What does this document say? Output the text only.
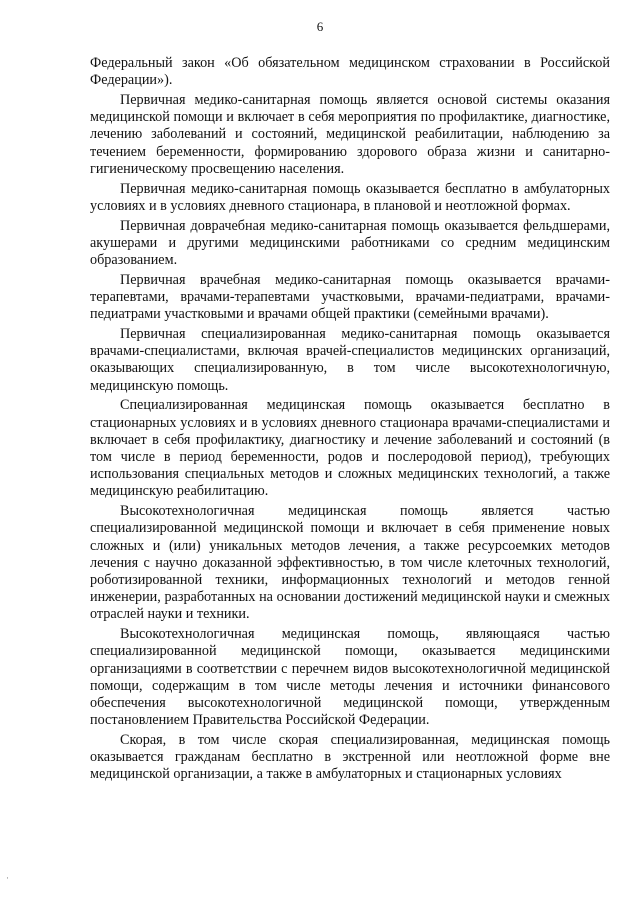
6

Федеральный закон «Об обязательном медицинском страховании в Российской Федерации»).

Первичная медико-санитарная помощь является основой системы оказания медицинской помощи и включает в себя мероприятия по профилактике, диагностике, лечению заболеваний и состояний, медицинской реабилитации, наблюдению за течением беременности, формированию здорового образа жизни и санитарно-гигиеническому просвещению населения.

Первичная медико-санитарная помощь оказывается бесплатно в амбулаторных условиях и в условиях дневного стационара, в плановой и неотложной формах.

Первичная доврачебная медико-санитарная помощь оказывается фельдшерами, акушерами и другими медицинскими работниками со средним медицинским образованием.

Первичная врачебная медико-санитарная помощь оказывается врачами-терапевтами, врачами-терапевтами участковыми, врачами-педиатрами, врачами-педиатрами участковыми и врачами общей практики (семейными врачами).

Первичная специализированная медико-санитарная помощь оказывается врачами-специалистами, включая врачей-специалистов медицинских организаций, оказывающих специализированную, в том числе высокотехнологичную, медицинскую помощь.

Специализированная медицинская помощь оказывается бесплатно в стационарных условиях и в условиях дневного стационара врачами-специалистами и включает в себя профилактику, диагностику и лечение заболеваний и состояний (в том числе в период беременности, родов и послеродовой период), требующих использования специальных методов и сложных медицинских технологий, а также медицинскую реабилитацию.

Высокотехнологичная медицинская помощь является частью специализированной медицинской помощи и включает в себя применение новых сложных и (или) уникальных методов лечения, а также ресурсоемких методов лечения с научно доказанной эффективностью, в том числе клеточных технологий, роботизированной техники, информационных технологий и методов генной инженерии, разработанных на основании достижений медицинской науки и смежных отраслей науки и техники.

Высокотехнологичная медицинская помощь, являющаяся частью специализированной медицинской помощи, оказывается медицинскими организациями в соответствии с перечнем видов высокотехнологичной медицинской помощи, содержащим в том числе методы лечения и источники финансового обеспечения высокотехнологичной медицинской помощи, утвержденным постановлением Правительства Российской Федерации.

Скорая, в том числе скорая специализированная, медицинская помощь оказывается гражданам бесплатно в экстренной или неотложной форме вне медицинской организации, а также в амбулаторных и стационарных условиях

·
